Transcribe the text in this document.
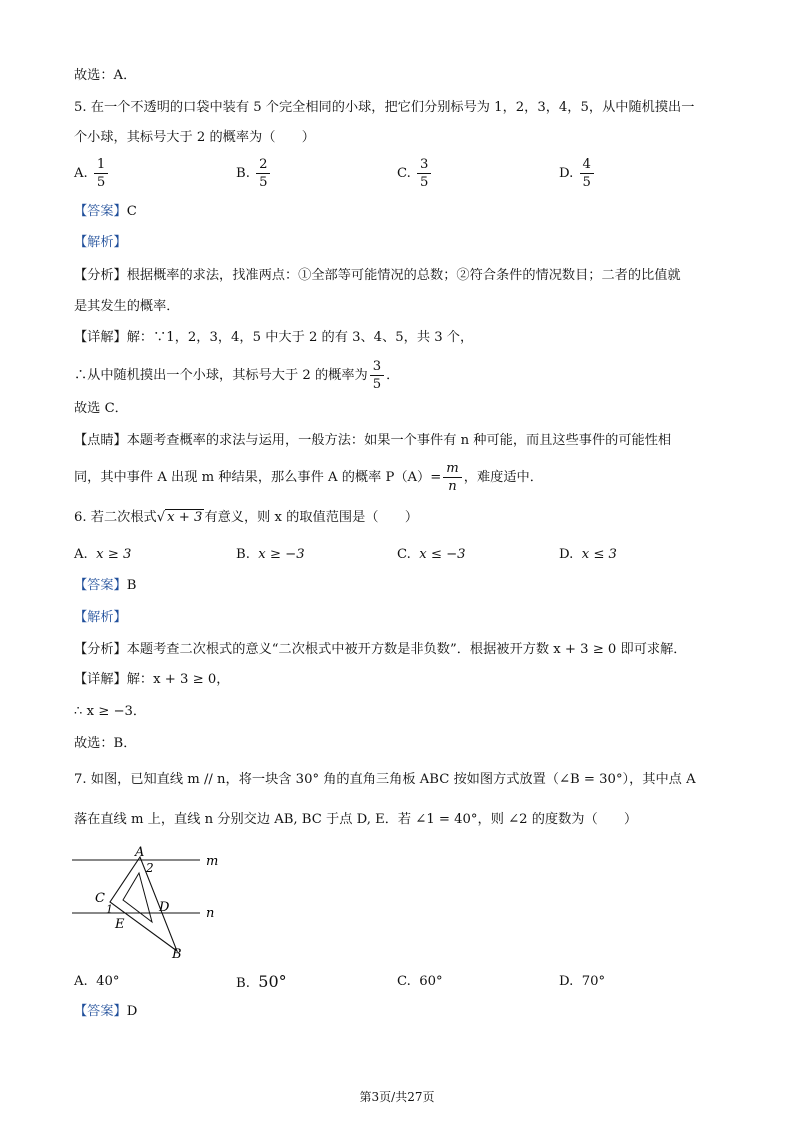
故选：A．
5. 在一个不透明的口袋中装有 5 个完全相同的小球，把它们分别标号为 1，2，3，4，5，从中随机摸出一
个小球，其标号大于 2 的概率为（　　）
A. $\frac{1}{5}$	B. $\frac{2}{5}$	C. $\frac{3}{5}$	D. $\frac{4}{5}$
【答案】C
【解析】
【分析】根据概率的求法，找准两点：①全部等可能情况的总数；②符合条件的情况数目；二者的比值就
是其发生的概率．
【详解】解：∵1，2，3，4，5 中大于 2 的有 3、4、5，共 3 个，
∴从中随机摸出一个小球，其标号大于 2 的概率为 $\frac{3}{5}$ ．
故选 C．
【点睛】本题考查概率的求法与运用，一般方法：如果一个事件有 n 种可能，而且这些事件的可能性相
同，其中事件 A 出现 m 种结果，那么事件 A 的概率 $P(A)= \frac{m}{n}$ ，难度适中．
6. 若二次根式√ x + 3 有意义，则 x 的取值范围是（　　）
A. x ≥ 3	B. x ≥ −3	C. x ≤ −3	D. x ≤ 3
【答案】B
【解析】
【分析】本题考查二次根式的意义“二次根式中被开方数是非负数”．根据被开方数 x + 3 ≥ 0 即可求解．
【详解】解：x + 3 ≥ 0，
∴ x ≥ −3．
故选：B．
7. 如图，已知直线 m // n，将一块含 30° 角的直角三角板 ABC 按如图方式放置（∠B = 30°），其中点 A
落在直线 m 上，直线 n 分别交边 AB, BC 于点 D, E．若 ∠1 = 40°，则 ∠2 的度数为（　　）
A
2	m
C
1	D	n
E
B
A. 40°	B. 50°	C. 60°	D. 70°
【答案】D
第3页/共27页
